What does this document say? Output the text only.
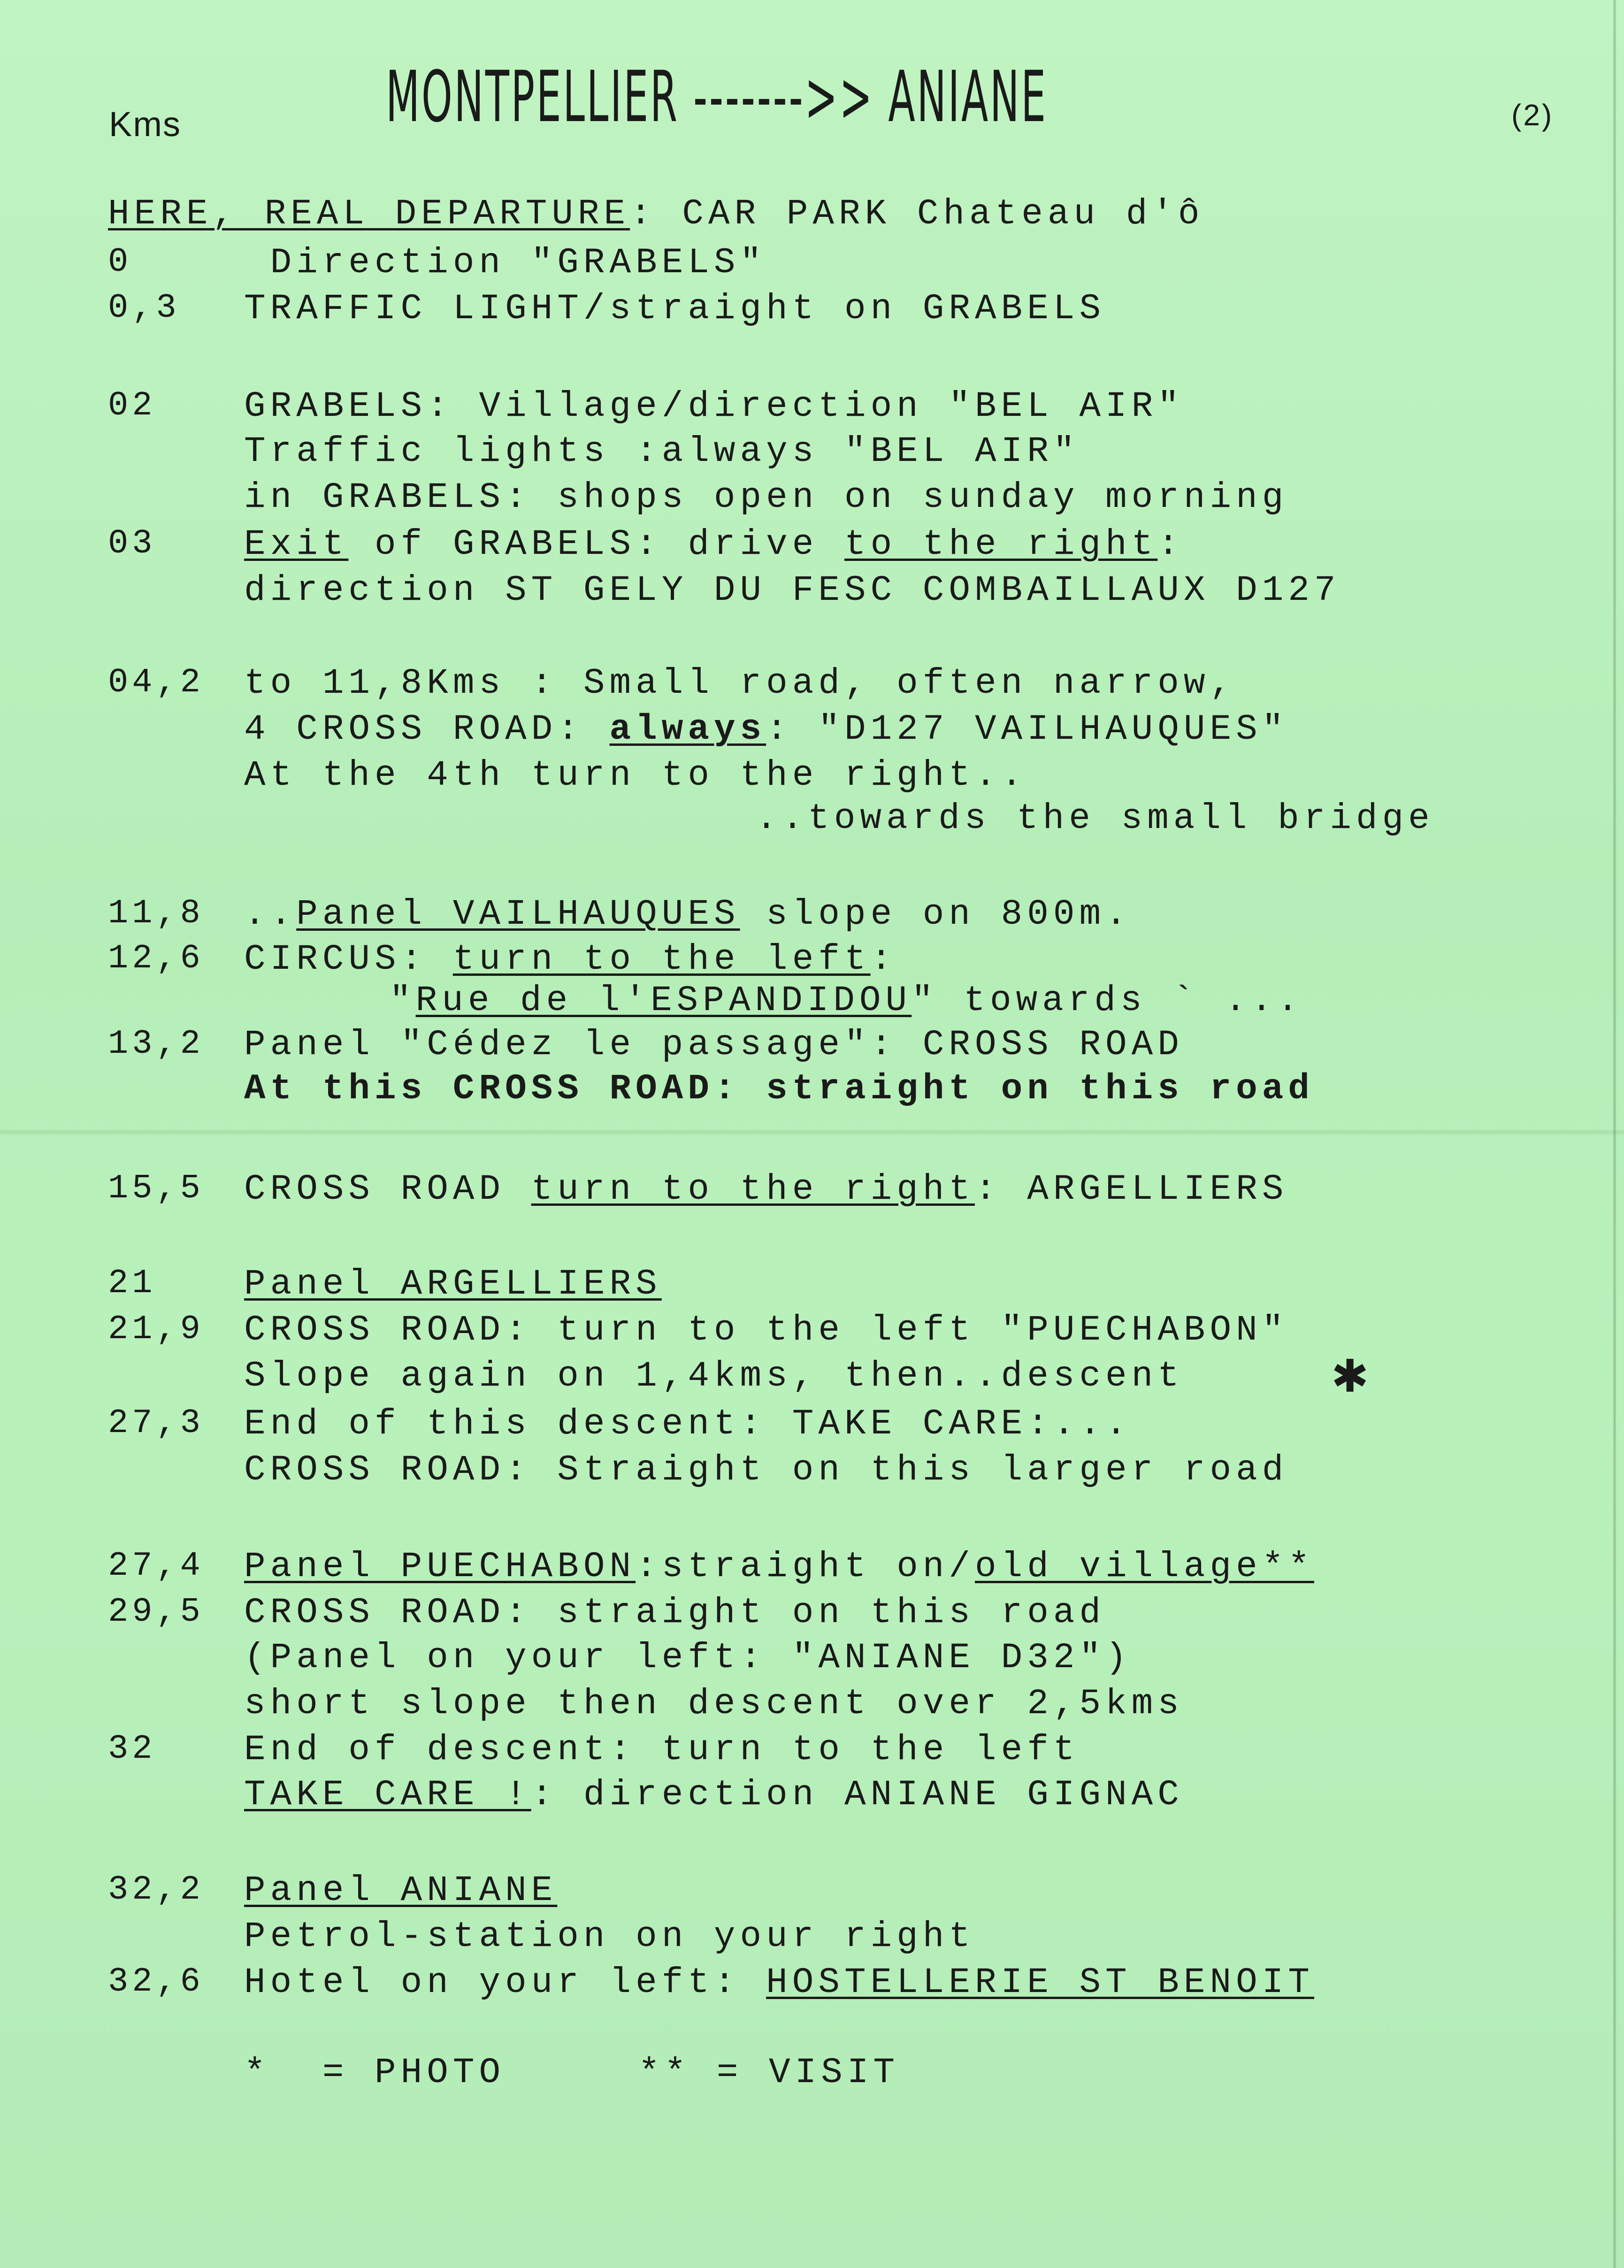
Kms	MONTPELLIER ------->> ANIANE	(2)
HERE, REAL DEPARTURE: CAR PARK Chateau d'ô
0	Direction "GRABELS"
0,3 TRAFFIC LIGHT/straight on GRABELS
02 GRABELS: Village/direction "BEL AIR"
Traffic lights :always "BEL AIR"
in GRABELS: shops open on sunday morning
03 Exit of GRABELS: drive to the right:
direction ST GELY DU FESC COMBAILLAUX D127
04,2 to 11,8Kms : Small road, often narrow,
4 CROSS ROAD: always: "D127 VAILHAUQUES"
At the 4th turn to the right..
..towards the small bridge
11,8 ..Panel VAILHAUQUES slope on 800m.
12,6 CIRCUS: turn to the left:
"Rue de l'ESPANDIDOU" towards ` ...
13,2 Panel "Cédez le passage": CROSS ROAD
At this CROSS ROAD: straight on this road
15,5 CROSS ROAD turn to the right: ARGELLIERS
21 Panel ARGELLIERS
21,9 CROSS ROAD: turn to the left "PUECHABON"
Slope again on 1,4kms, then..descent	✱
27,3 End of this descent: TAKE CARE:...
CROSS ROAD: Straight on this larger road
27,4 Panel PUECHABON:straight on/old village**
29,5 CROSS ROAD: straight on this road
(Panel on your left: "ANIANE D32")
short slope then descent over 2,5kms
32 End of descent: turn to the left
TAKE CARE !: direction ANIANE GIGNAC
32,2 Panel ANIANE
Petrol-station on your right
32,6 Hotel on your left: HOSTELLERIE ST BENOIT
*  = PHOTO	** = VISIT
